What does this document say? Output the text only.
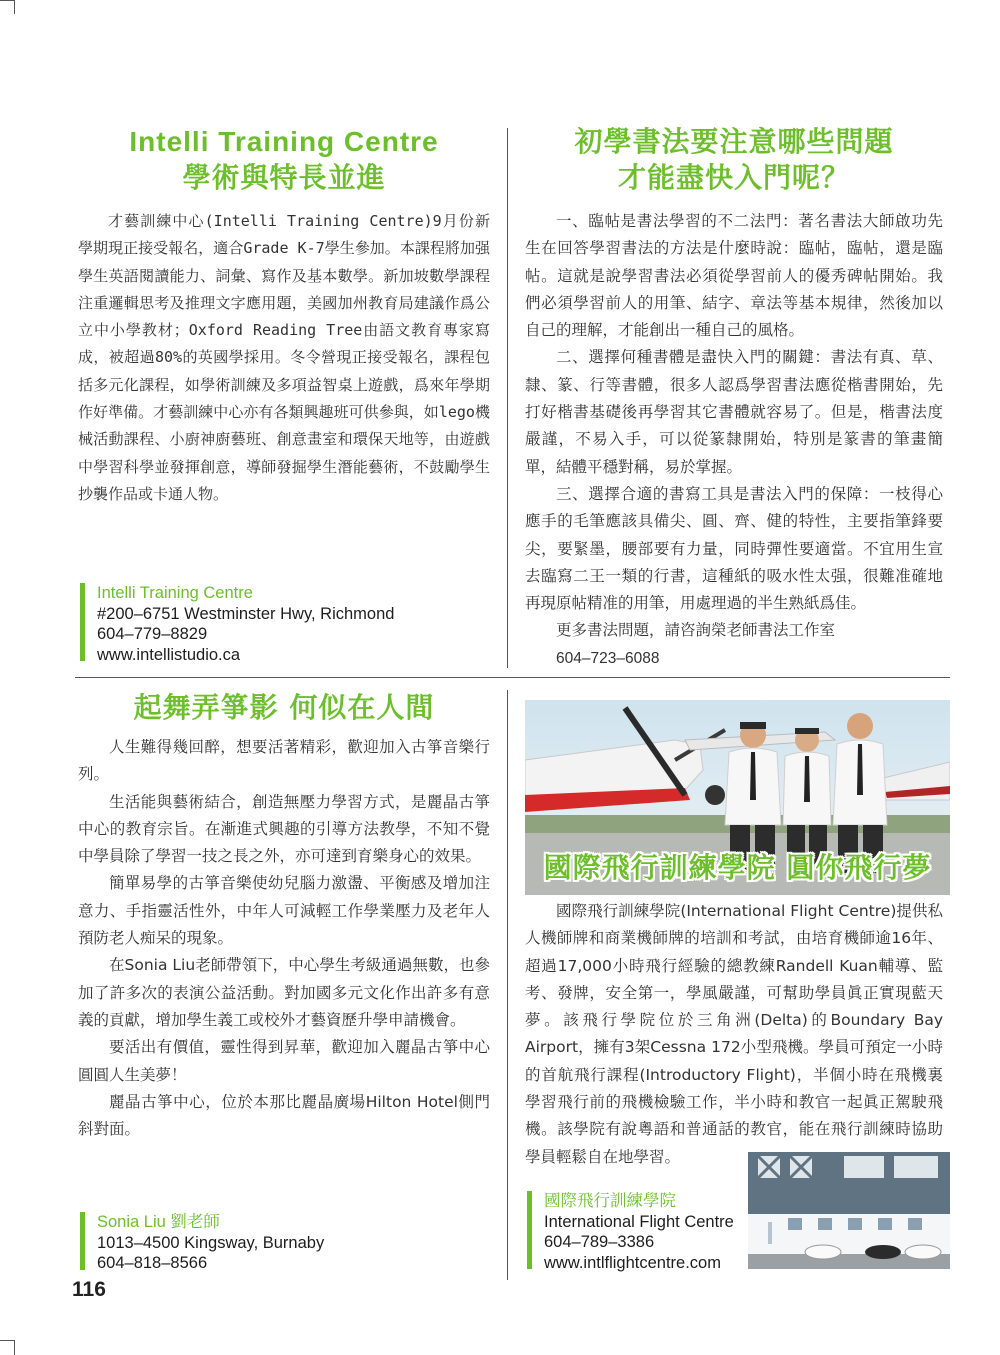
Intelli Training Centre
學術與特長並進

才藝訓練中心(Intelli Training Centre)9月份新學期現正接受報名，適合Grade K-7學生參加。本課程將加强學生英語閱讀能力、詞彙、寫作及基本數學。新加坡數學課程注重邏輯思考及推理文字應用題，美國加州教育局建議作爲公立中小學教材；Oxford Reading Tree由語文教育專家寫成，被超過80%的英國學採用。冬令營現正接受報名，課程包括多元化課程，如學術訓練及多項益智桌上遊戲，爲來年學期作好準備。才藝訓練中心亦有各類興趣班可供參與，如lego機械活動課程、小廚神廚藝班、創意畫室和環保天地等，由遊戲中學習科學並發揮創意，導師發掘學生潛能藝術，不鼓勵學生抄襲作品或卡通人物。

Intelli Training Centre
#200–6751 Westminster Hwy, Richmond
604–779–8829
www.intellistudio.ca
初學書法要注意哪些問題
才能盡快入門呢？

一、臨帖是書法學習的不二法門：著名書法大師啟功先生在回答學習書法的方法是什麼時說：臨帖，臨帖，還是臨帖。這就是說學習書法必須從學習前人的優秀碑帖開始。我們必須學習前人的用筆、結字、章法等基本規律，然後加以自己的理解，才能創出一種自己的風格。

二、選擇何種書體是盡快入門的關鍵：書法有真、草、隸、篆、行等書體，很多人認爲學習書法應從楷書開始，先打好楷書基礎後再學習其它書體就容易了。但是，楷書法度嚴謹，不易入手，可以從篆隸開始，特別是篆書的筆畫簡單，結體平穩對稱，易於掌握。

三、選擇合適的書寫工具是書法入門的保障：一枝得心應手的毛筆應該具備尖、圓、齊、健的特性，主要指筆鋒要尖，要緊墨，腰部要有力量，同時彈性要適當。不宜用生宣去臨寫二王一類的行書，這種紙的吸水性太强，很難准確地再現原帖精准的用筆，用處理過的半生熟紙爲佳。

更多書法問題，請咨詢榮老師書法工作室

604–723–6088

起舞弄箏影 何似在人間

人生難得幾回醉，想要活著精彩，歡迎加入古箏音樂行列。

生活能與藝術結合，創造無壓力學習方式，是麗晶古箏中心的教育宗旨。在漸進式興趣的引導方法教學，不知不覺中學員除了學習一技之長之外，亦可達到育樂身心的效果。

簡單易學的古箏音樂使幼兒腦力激盪、平衡感及增加注意力、手指靈活性外，中年人可減輕工作學業壓力及老年人預防老人痴呆的現象。

在Sonia Liu老師帶領下，中心學生考級通過無數，也參加了許多次的表演公益活動。對加國多元文化作出許多有意義的貢獻，增加學生義工或校外才藝資歷升學申請機會。

要活出有價值，靈性得到昇華，歡迎加入麗晶古箏中心圓圓人生美夢！

麗晶古箏中心，位於本那比麗晶廣場Hilton Hotel側門斜對面。

Sonia Liu 劉老師
1013–4500 Kingsway, Burnaby
604–818–8566
國際飛行訓練學院 圓你飛行夢

國際飛行訓練學院(International Flight Centre)提供私人機師牌和商業機師牌的培訓和考試，由培育機師逾16年、超過17,000小時飛行經驗的總教練Randell Kuan輔導、監考、發牌，安全第一，學風嚴謹，可幫助學員眞正實現藍天夢。該飛行學院位於三角洲(Delta)的Boundary Bay Airport，擁有3架Cessna 172小型飛機。學員可預定一小時的首航飛行課程(Introductory Flight)，半個小時在飛機裏學習飛行前的飛機檢驗工作，半小時和教官一起眞正駕駛飛機。該學院有說粵語和普通話的教官，能在飛行訓練時協助學員輕鬆自在地學習。

國際飛行訓練學院
International Flight Centre
604–789–3386
www.intlflightcentre.com
116
